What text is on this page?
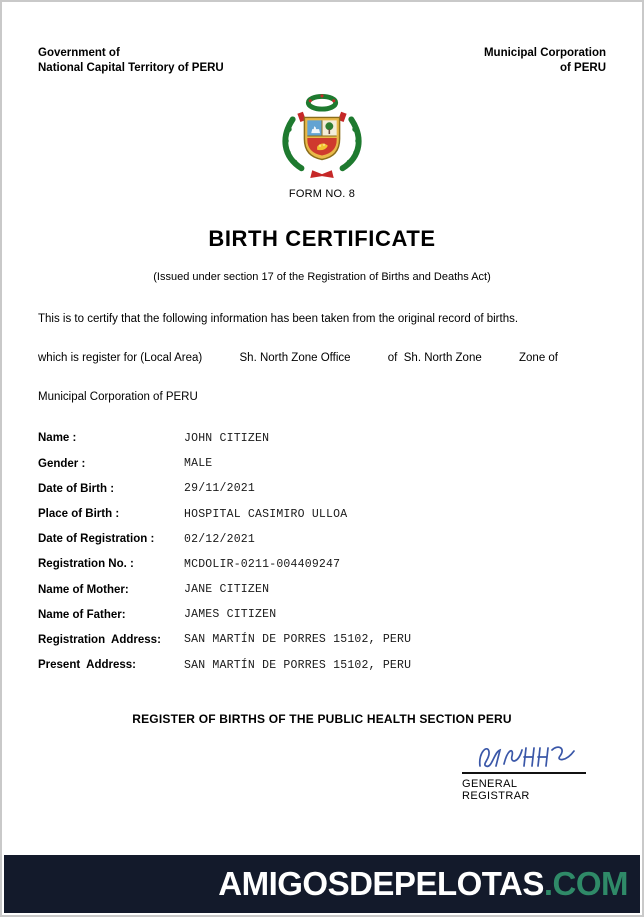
Government of
National Capital Territory of PERU
Municipal Corporation
of PERU
FORM NO. 8
BIRTH CERTIFICATE
(Issued under section 17 of the Registration of Births and Deaths Act)

This is to certify that the following information has been taken from the original record of births.

which is register for (Local Area)	Sh. North Zone Office	of  Sh. North Zone	Zone of
Municipal Corporation of PERU
Name :	JOHN CITIZEN
Gender :	MALE
Date of Birth :	29/11/2021
Place of Birth :	HOSPITAL CASIMIRO ULLOA
Date of Registration :	02/12/2021
Registration No. :	MCDOLIR-0211-004409247
Name of Mother:	JANE CITIZEN
Name of Father:	JAMES CITIZEN
Registration  Address:	SAN MARTÍN DE PORRES 15102, PERU
Present  Address:	SAN MARTÍN DE PORRES 15102, PERU
REGISTER OF BIRTHS OF THE PUBLIC HEALTH SECTION PERU
GENERAL REGISTRAR
AMIGOSDEPELOTAS .COM
